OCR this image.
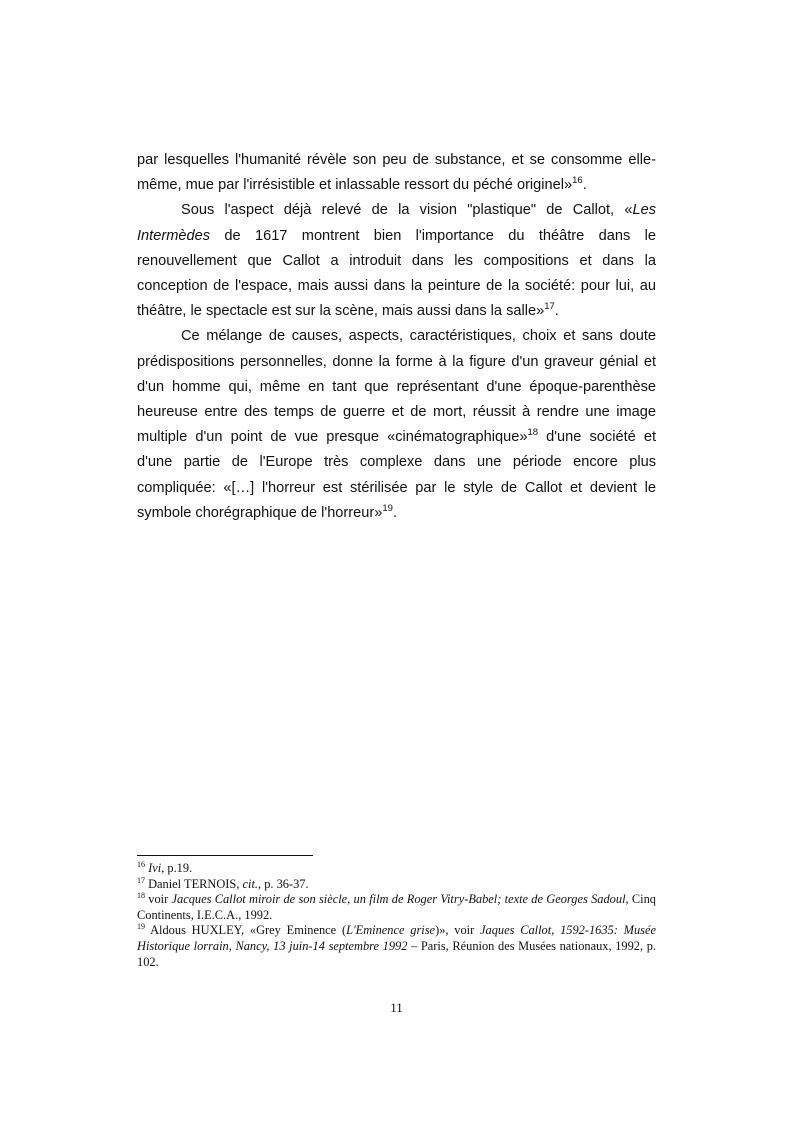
par lesquelles l'humanité révèle son peu de substance, et se consomme elle-même, mue par l'irrésistible et inlassable ressort du péché originel»$^{16}$.

Sous l'aspect déjà relevé de la vision "plastique" de Callot, «Les Intermèdes de 1617 montrent bien l'importance du théâtre dans le renouvellement que Callot a introduit dans les compositions et dans la conception de l'espace, mais aussi dans la peinture de la société: pour lui, au théâtre, le spectacle est sur la scène, mais aussi dans la salle»$^{17}$.

Ce mélange de causes, aspects, caractéristiques, choix et sans doute prédispositions personnelles, donne la forme à la figure d'un graveur génial et d'un homme qui, même en tant que représentant d'une époque-parenthèse heureuse entre des temps de guerre et de mort, réussit à rendre une image multiple d'un point de vue presque «cinématographique»$^{18}$ d'une société et d'une partie de l'Europe très complexe dans une période encore plus compliquée: «[…] l'horreur est stérilisée par le style de Callot et devient le symbole chorégraphique de l'horreur»$^{19}$.

$^{16}$ Ivi, p.19.

$^{17}$ Daniel TERNOIS, cit., p. 36-37.

$^{18}$ voir Jacques Callot miroir de son siècle, un film de Roger Vitry-Babel; texte de Georges Sadoul, Cinq Continents, I.E.C.A., 1992.

$^{19}$ Aldous HUXLEY, «Grey Eminence (L'Eminence grise)», voir Jaques Callot, 1592-1635: Musée Historique lorrain, Nancy, 13 juin-14 septembre 1992 – Paris, Réunion des Musées nationaux, 1992, p. 102.

11
